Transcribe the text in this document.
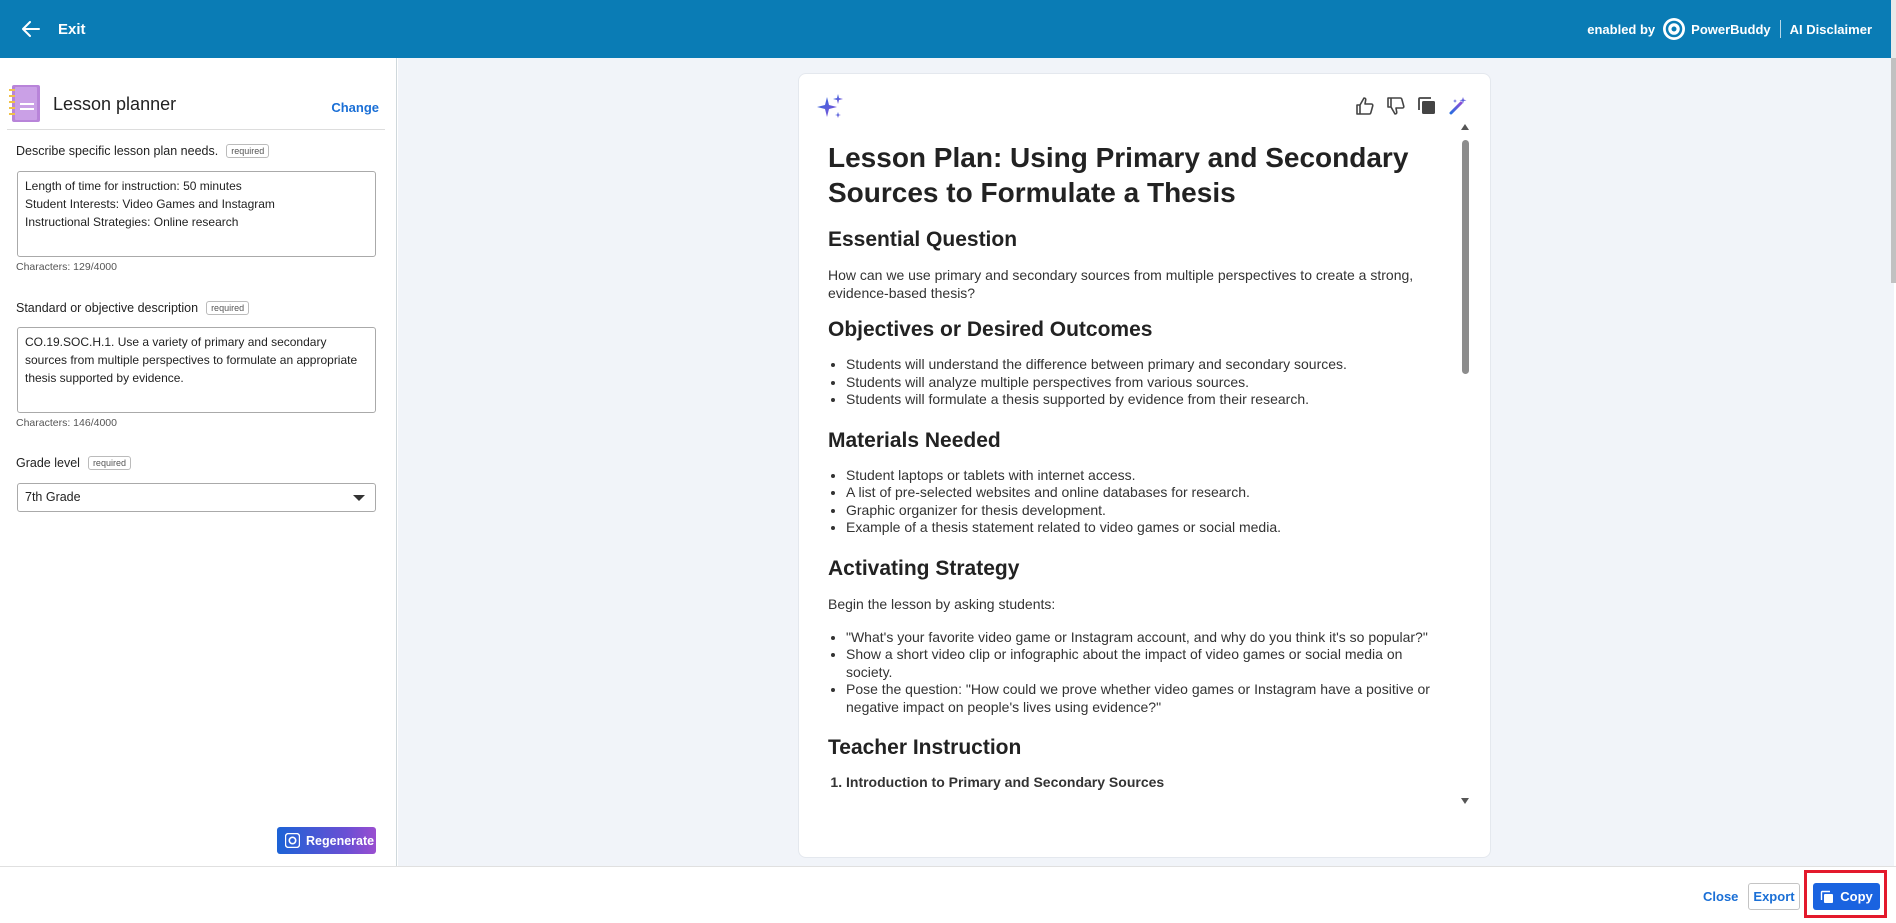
Exit	enabled by	PowerBuddy AI Disclaimer
Lesson planner	Change
Describe specific lesson plan needs.	required
Length of time for instruction: 50 minutes
Student Interests: Video Games and Instagram
Instructional Strategies: Online research
Characters: 129/4000
Standard or objective description	required
CO.19.SOC.H.1. Use a variety of primary and secondary sources from multiple perspectives to formulate an appropriate thesis supported by evidence.
Characters: 146/4000
Grade level	required
7th Grade
Regenerate
Lesson Plan: Using Primary and Secondary Sources to Formulate a Thesis
Essential Question

How can we use primary and secondary sources from multiple perspectives to create a strong, evidence-based thesis?

Objectives or Desired Outcomes
• Students will understand the difference between primary and secondary sources.
• Students will analyze multiple perspectives from various sources.
• Students will formulate a thesis supported by evidence from their research.
Materials Needed
• Student laptops or tablets with internet access.
• A list of pre-selected websites and online databases for research.
• Graphic organizer for thesis development.
• Example of a thesis statement related to video games or social media.
Activating Strategy

Begin the lesson by asking students:

• "What's your favorite video game or Instagram account, and why do you think it's so popular?"
• Show a short video clip or infographic about the impact of video games or social media on society.
• Pose the question: "How could we prove whether video games or Instagram have a positive or negative impact on people's lives using evidence?"
Teacher Instruction
1. Introduction to Primary and Secondary Sources
Close	Export	Copy
